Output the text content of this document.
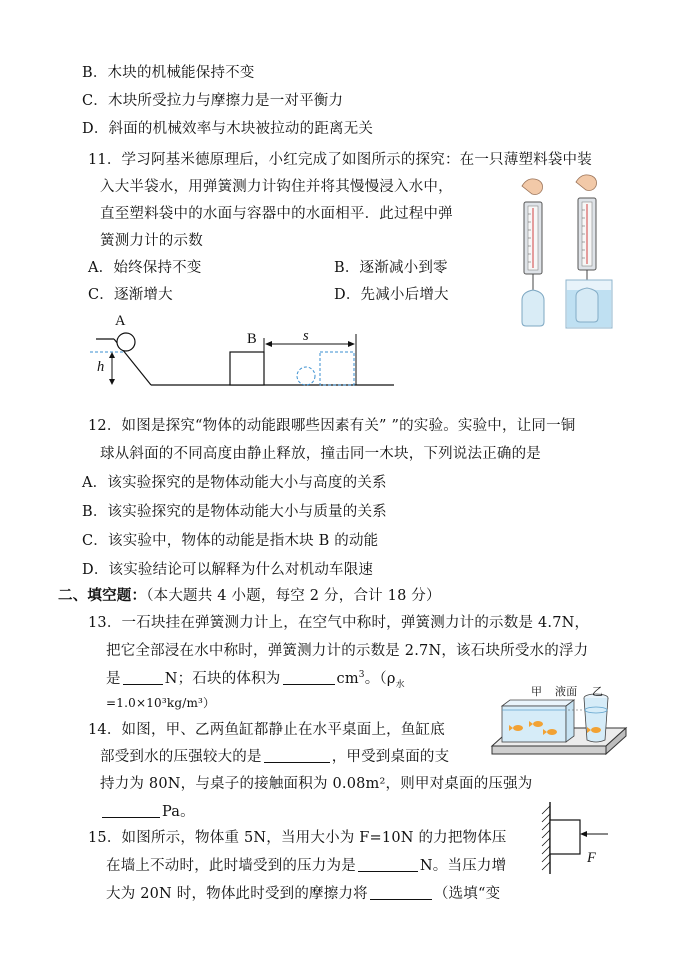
B．木块的机械能保持不变
C．木块所受拉力与摩擦力是一对平衡力
D．斜面的机械效率与木块被拉动的距离无关
11．学习阿基米德原理后，小红完成了如图所示的探究：在一只薄塑料袋中装
入大半袋水，用弹簧测力计钩住并将其慢慢浸入水中，
直至塑料袋中的水面与容器中的水面相平．此过程中弹
簧测力计的示数
A．始终保持不变	B．逐渐减小到零
C．逐渐增大	D．先减小后增大
A
B
h
s
12．如图是探究“物体的动能跟哪些因素有关” ”的实验。实验中，让同一铜
球从斜面的不同高度由静止释放，撞击同一木块，下列说法正确的是
A．该实验探究的是物体动能大小与高度的关系
B．该实验探究的是物体动能大小与质量的关系
C．该实验中，物体的动能是指木块 B 的动能
D．该实验结论可以解释为什么对机动车限速
二、填空题：（本大题共 4 小题，每空 2 分，合计 18 分）
13．一石块挂在弹簧测力计上，在空气中称时，弹簧测力计的示数是 4.7N，
把它全部浸在水中称时，弹簧测力计的示数是 2.7N，该石块所受水的浮力
是	N；石块的体积为	$cm^3$。（$\rho_水$
=1.0×10³kg/m³）
甲 液面 乙
14．如图，甲、乙两鱼缸都静止在水平桌面上，鱼缸底
部受到水的压强较大的是	，甲受到桌面的支
持力为 80N，与桌子的接触面积为 0.08m²，则甲对桌面的压强为
Pa。
F
15．如图所示，物体重 5N，当用大小为 F=10N 的力把物体压
在墙上不动时，此时墙受到的压力为是	N。当压力增
大为 20N 时，物体此时受到的摩擦力将	（选填“变
